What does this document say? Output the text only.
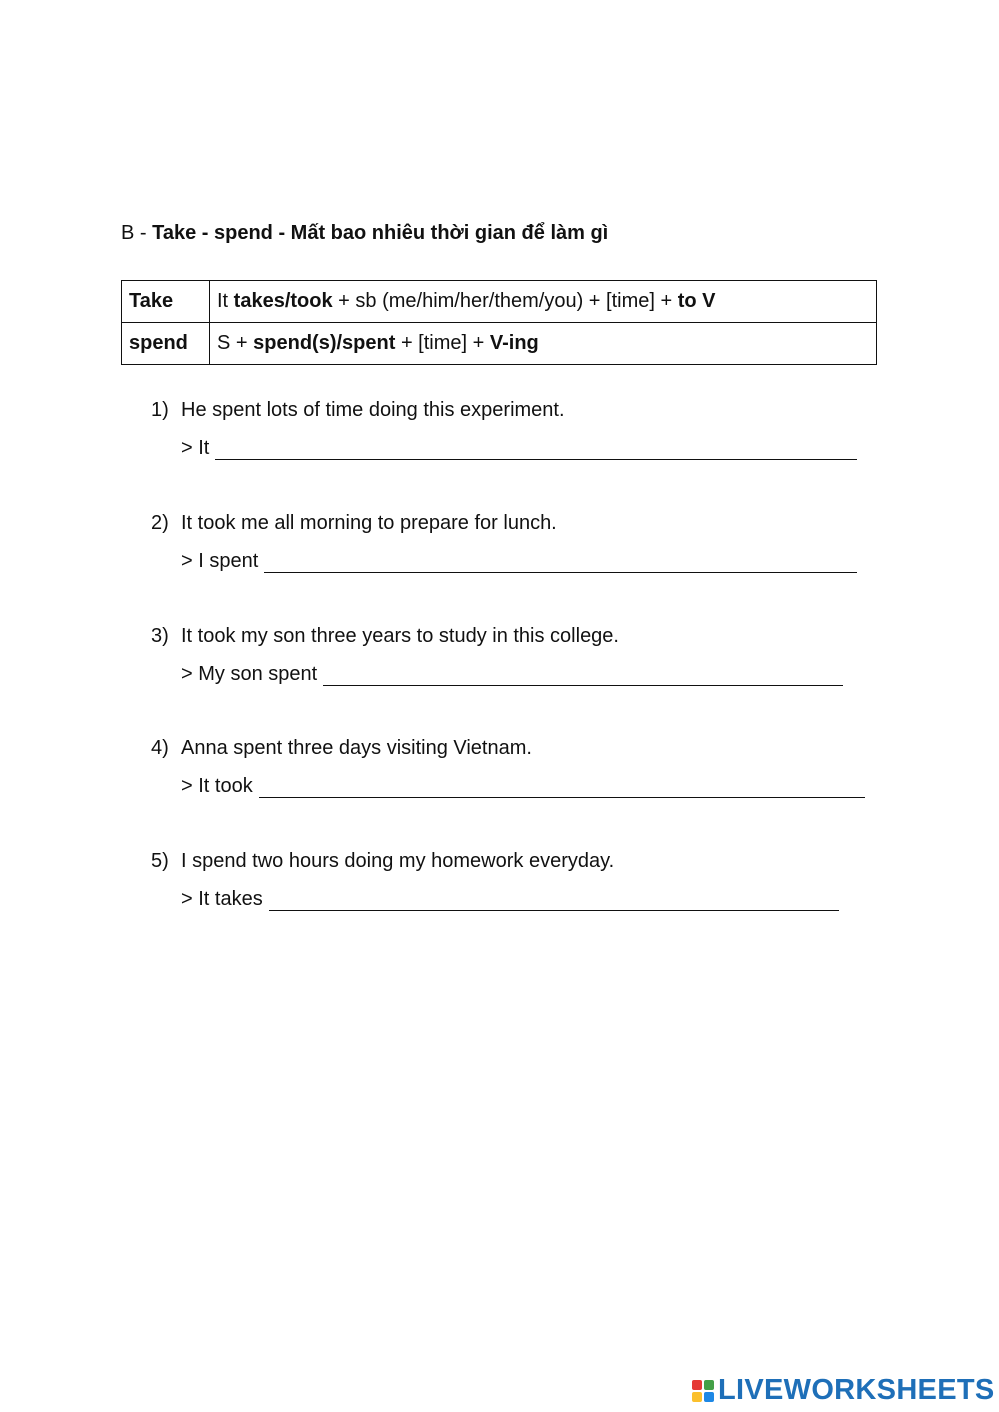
B - Take - spend - Mất bao nhiêu thời gian để làm gì
Take	It takes/took + sb (me/him/her/them/you) + [time] + to V
spend	S + spend(s)/spent + [time] + V-ing
1) He spent lots of time doing this experiment.
> It
2) It took me all morning to prepare for lunch.
> I spent
3) It took my son three years to study in this college.
> My son spent
4) Anna spent three days visiting Vietnam.
> It took
5) I spend two hours doing my homework everyday.
> It takes
LIVEWORKSHEETS
